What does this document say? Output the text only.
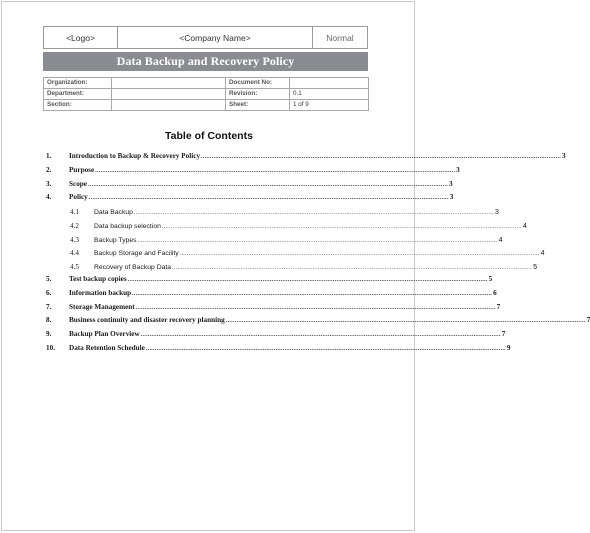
<Logo>	<Company Name>	Normal
Data Backup and Recovery Policy
Organization:		Document No:	
Department:		Revision:	0.1
Section:		Sheet:	1 of 9
Table of Contents
1.	Introduction to Backup & Recovery Policy ........................................................................................................................................................................................................ 3
2.	Purpose ........................................................................................................................................................................................................ 3
3.	Scope ........................................................................................................................................................................................................ 3
4.	Policy ........................................................................................................................................................................................................ 3
4.1	Data Backup ........................................................................................................................................................................................................ 3
4.2	Data backup selection ........................................................................................................................................................................................................ 4
4.3	Backup Types ........................................................................................................................................................................................................ 4
4.4	Backup Storage and Facility ........................................................................................................................................................................................................ 4
4.5	Recovery of Backup Data ........................................................................................................................................................................................................ 5
5.	Test backup copies ........................................................................................................................................................................................................ 5
6.	Information backup ........................................................................................................................................................................................................ 6
7.	Storage Management ........................................................................................................................................................................................................ 7
8.	Business continuity and disaster recovery planning ........................................................................................................................................................................................................ 7
9.	Backup Plan Overview ........................................................................................................................................................................................................ 7
10.	Data Retention Schedule ........................................................................................................................................................................................................ 9
